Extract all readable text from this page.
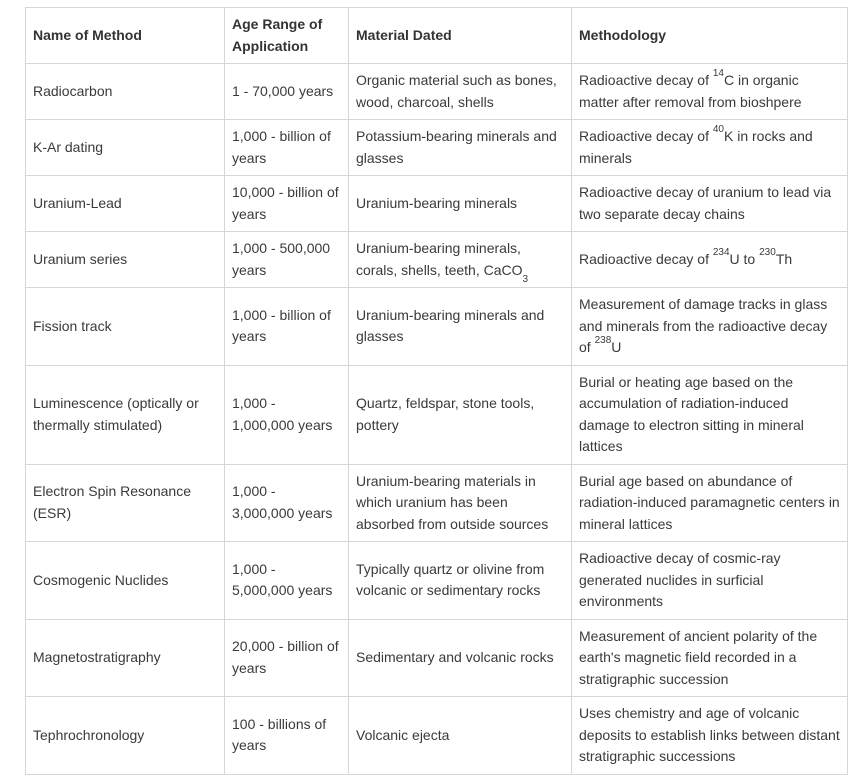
Name of Method	Age Range of Application	Material Dated	Methodology
Radiocarbon	1 - 70,000 years	Organic material such as bones, wood, charcoal, shells	Radioactive decay of $^{14}$C in organic matter after removal from bioshpere
K-Ar dating	1,000 - billion of years	Potassium-bearing minerals and glasses	Radioactive decay of $^{40}$K in rocks and minerals
Uranium-Lead	10,000 - billion of years	Uranium-bearing minerals	Radioactive decay of uranium to lead via two separate decay chains
Uranium series	1,000 - 500,000 years	Uranium-bearing minerals, corals, shells, teeth, CaCO$_3$	Radioactive decay of $^{234}$U to $^{230}$Th
Fission track	1,000 - billion of years	Uranium-bearing minerals and glasses	Measurement of damage tracks in glass and minerals from the radioactive decay of $^{238}$U
Luminescence (optically or thermally stimulated)	1,000 - 1,000,000 years	Quartz, feldspar, stone tools, pottery	Burial or heating age based on the accumulation of radiation-induced damage to electron sitting in mineral lattices
Electron Spin Resonance (ESR)	1,000 - 3,000,000 years	Uranium-bearing materials in which uranium has been absorbed from outside sources	Burial age based on abundance of radiation-induced paramagnetic centers in mineral lattices
Cosmogenic Nuclides	1,000 - 5,000,000 years	Typically quartz or olivine from volcanic or sedimentary rocks	Radioactive decay of cosmic-ray generated nuclides in surficial environments
Magnetostratigraphy	20,000 - billion of years	Sedimentary and volcanic rocks	Measurement of ancient polarity of the earth's magnetic field recorded in a stratigraphic succession
Tephrochronology	100 - billions of years	Volcanic ejecta	Uses chemistry and age of volcanic deposits to establish links between distant stratigraphic successions
